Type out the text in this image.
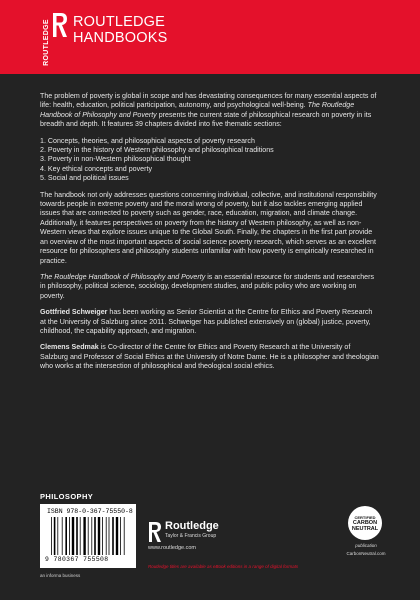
ROUTLEDGE ROUTLEDGE
HANDBOOKS

The problem of poverty is global in scope and has devastating consequences for many essential aspects of life: health, education, political participation, autonomy, and psychological well-being. The Routledge Handbook of Philosophy and Poverty presents the current state of philosophical research on poverty in its breadth and depth. It features 39 chapters divided into five thematic sections:

1. Concepts, theories, and philosophical aspects of poverty research
2. Poverty in the history of Western philosophy and philosophical traditions
3. Poverty in non-Western philosophical thought
4. Key ethical concepts and poverty
5. Social and political issues

The handbook not only addresses questions concerning individual, collective, and institutional responsibility towards people in extreme poverty and the moral wrong of poverty, but it also tackles emerging applied issues that are connected to poverty such as gender, race, education, migration, and climate change. Additionally, it features perspectives on poverty from the history of Western philosophy, as well as non-Western views that explore issues unique to the Global South. Finally, the chapters in the first part provide an overview of the most important aspects of social science poverty research, which serves as an excellent resource for philosophers and philosophy students unfamiliar with how poverty is empirically researched in practice.

The Routledge Handbook of Philosophy and Poverty is an essential resource for students and researchers in philosophy, political science, sociology, development studies, and public policy who are working on poverty.

Gottfried Schweiger has been working as Senior Scientist at the Centre for Ethics and Poverty Research at the University of Salzburg since 2011. Schweiger has published extensively on (global) justice, poverty, childhood, the capability approach, and migration.

Clemens Sedmak is Co-director of the Centre for Ethics and Poverty Research at the University of Salzburg and Professor of Social Ethics at the University of Notre Dame. He is a philosopher and theologian who works at the intersection of philosophical and theological social ethics.

PHILOSOPHY
ISBN 978-0-367-75550-8
9 780367 755508
an informa business
Routledge
Taylor & Francis Group
www.routledge.com
Routledge titles are available as eBook editions in a range of digital formats
CERTIFIED
CARBON
NEUTRAL
publication
CarbonNeutral.com
